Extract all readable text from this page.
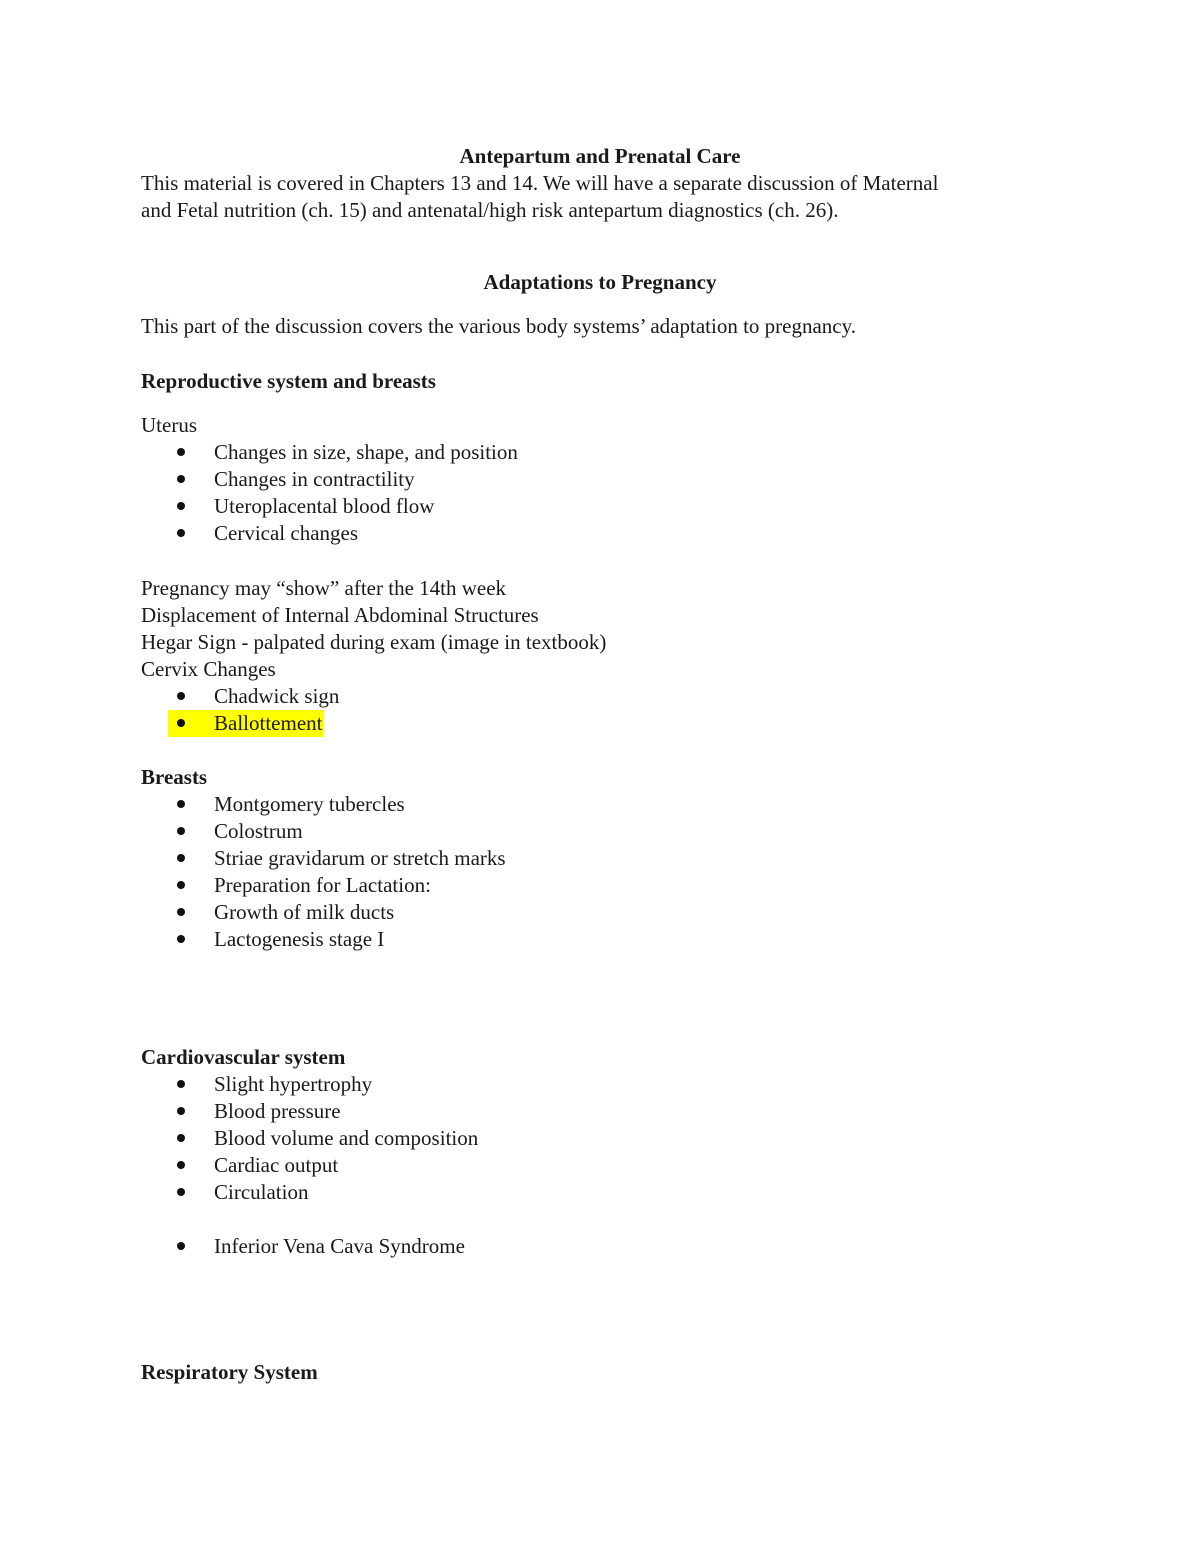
Antepartum and Prenatal Care
This material is covered in Chapters 13 and 14. We will have a separate discussion of Maternal
and Fetal nutrition (ch. 15) and antenatal/high risk antepartum diagnostics (ch. 26).
Adaptations to Pregnancy
This part of the discussion covers the various body systems’ adaptation to pregnancy.
Reproductive system and breasts
Uterus
Changes in size, shape, and position
Changes in contractility
Uteroplacental blood flow
Cervical changes
Pregnancy may “show” after the 14th week
Displacement of Internal Abdominal Structures
Hegar Sign - palpated during exam (image in textbook)
Cervix Changes
Chadwick sign
Ballottement
Breasts
Montgomery tubercles
Colostrum
Striae gravidarum or stretch marks
Preparation for Lactation:
Growth of milk ducts
Lactogenesis stage I
Cardiovascular system
Slight hypertrophy
Blood pressure
Blood volume and composition
Cardiac output
Circulation
Inferior Vena Cava Syndrome
Respiratory System
